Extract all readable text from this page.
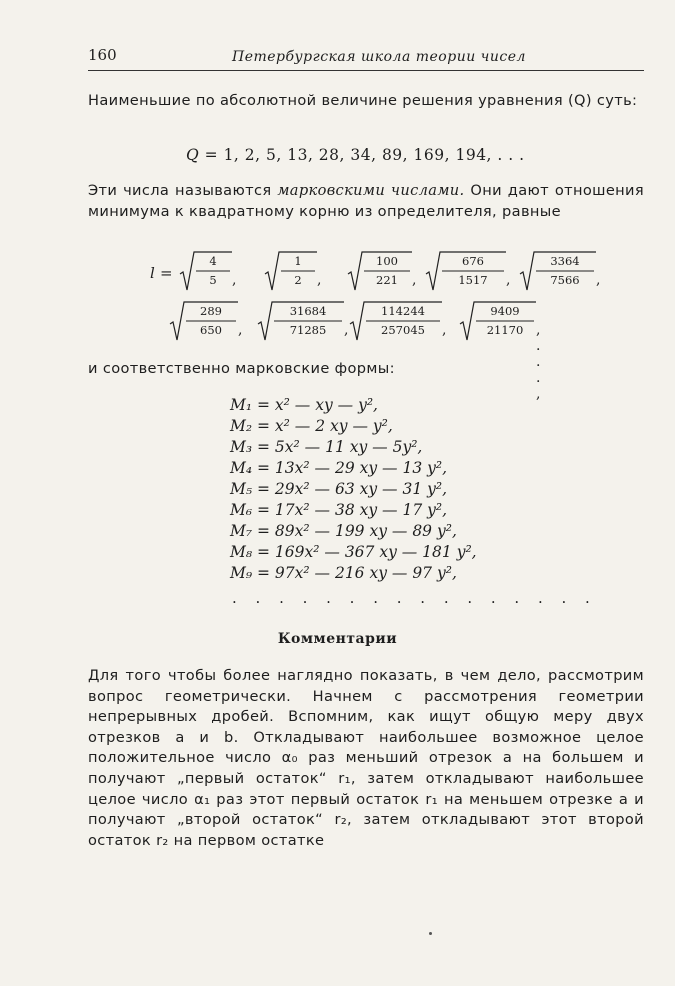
160	Петербургская школа теории чисел
Наименьшие по абсолютной величине решения уравнения (Q) суть:
Q = 1, 2, 5, 13, 28, 34, 89, 169, 194, . . .
Эти числа называются марковскими числами. Они дают отношения минимума к квадратному корню из определителя, равные
l =
4
5	,
1
2	,
100
221	,
676
1517	,
3364
7566	,
289
650	,
31684
71285	,
114244
257045	,
9409
21170 , . . . ,
и соответственно марковские формы:
M₁ = x² — xy — y²,
M₂ = x² — 2 xy — y²,
M₃ = 5x² — 11 xy — 5y²,
M₄ = 13x² — 29 xy — 13 y²,
M₅ = 29x² — 63 xy — 31 y²,
M₆ = 17x² — 38 xy — 17 y²,
M₇ = 89x² — 199 xy — 89 y²,
M₈ = 169x² — 367 xy — 181 y²,
M₉ = 97x² — 216 xy — 97 y²,
. . . . . . . . . . . . . . . .
Комментарии
Для того чтобы более наглядно показать, в чем дело, рассмотрим вопрос геометрически. Начнем с рассмотрения геометрии непрерывных дробей. Вспомним, как ищут общую меру двух отрезков a и b. Откладывают наибольшее возможное целое положительное число α₀ раз меньший отрезок a на большем и получают „первый остаток“ r₁, затем откладывают наибольшее целое число α₁ раз этот первый остаток r₁ на меньшем отрезке a и получают „второй остаток“ r₂, затем откладывают этот второй остаток r₂ на первом остатке
